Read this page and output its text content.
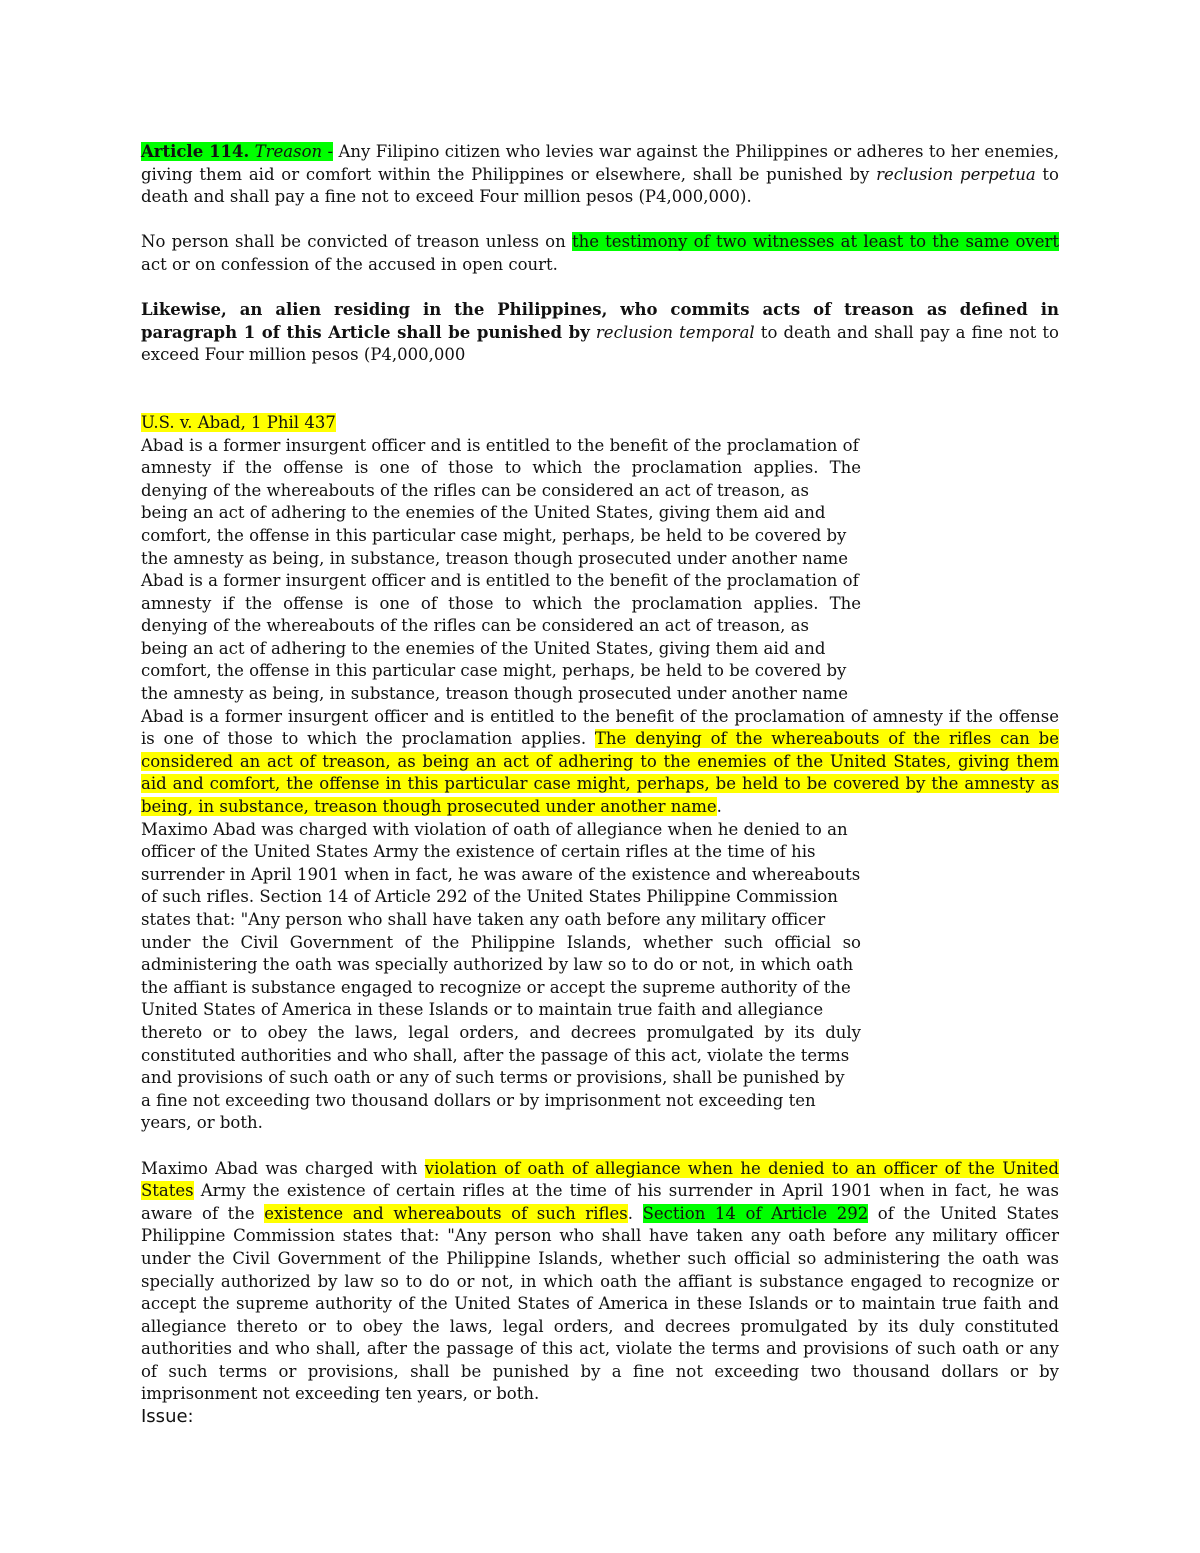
Article 114. Treason - Any Filipino citizen who levies war against the Philippines or adheres to her enemies, giving them aid or comfort within the Philippines or elsewhere, shall be punished by reclusion perpetua to death and shall pay a fine not to exceed Four million pesos (P4,000,000).

No person shall be convicted of treason unless on the testimony of two witnesses at least to the same overt act or on confession of the accused in open court.

Likewise, an alien residing in the Philippines, who commits acts of treason as defined in paragraph 1 of this Article shall be punished by reclusion temporal to death and shall pay a fine not to exceed Four million pesos (P4,000,000

U.S. v. Abad, 1 Phil 437

Abad is a former insurgent officer and is entitled to the benefit of the proclamation of
amnesty if the offense is one of those to which the proclamation applies. The
denying of the whereabouts of the rifles can be considered an act of treason, as
being an act of adhering to the enemies of the United States, giving them aid and
comfort, the offense in this particular case might, perhaps, be held to be covered by
the amnesty as being, in substance, treason though prosecuted under another name
Abad is a former insurgent officer and is entitled to the benefit of the proclamation of
amnesty if the offense is one of those to which the proclamation applies. The
denying of the whereabouts of the rifles can be considered an act of treason, as
being an act of adhering to the enemies of the United States, giving them aid and
comfort, the offense in this particular case might, perhaps, be held to be covered by
the amnesty as being, in substance, treason though prosecuted under another name

Abad is a former insurgent officer and is entitled to the benefit of the proclamation of amnesty if the offense is one of those to which the proclamation applies. The denying of the whereabouts of the rifles can be considered an act of treason, as being an act of adhering to the enemies of the United States, giving them aid and comfort, the offense in this particular case might, perhaps, be held to be covered by the amnesty as being, in substance, treason though prosecuted under another name.

Maximo Abad was charged with violation of oath of allegiance when he denied to an
officer of the United States Army the existence of certain rifles at the time of his
surrender in April 1901 when in fact, he was aware of the existence and whereabouts
of such rifles. Section 14 of Article 292 of the United States Philippine Commission
states that: "Any person who shall have taken any oath before any military officer
under the Civil Government of the Philippine Islands, whether such official so
administering the oath was specially authorized by law so to do or not, in which oath
the affiant is substance engaged to recognize or accept the supreme authority of the
United States of America in these Islands or to maintain true faith and allegiance
thereto or to obey the laws, legal orders, and decrees promulgated by its duly
constituted authorities and who shall, after the passage of this act, violate the terms
and provisions of such oath or any of such terms or provisions, shall be punished by
a fine not exceeding two thousand dollars or by imprisonment not exceeding ten
years, or both.

Maximo Abad was charged with violation of oath of allegiance when he denied to an officer of the United States Army the existence of certain rifles at the time of his surrender in April 1901 when in fact, he was aware of the existence and whereabouts of such rifles. Section 14 of Article 292 of the United States Philippine Commission states that: "Any person who shall have taken any oath before any military officer under the Civil Government of the Philippine Islands, whether such official so administering the oath was specially authorized by law so to do or not, in which oath the affiant is substance engaged to recognize or accept the supreme authority of the United States of America in these Islands or to maintain true faith and allegiance thereto or to obey the laws, legal orders, and decrees promulgated by its duly constituted authorities and who shall, after the passage of this act, violate the terms and provisions of such oath or any of such terms or provisions, shall be punished by a fine not exceeding two thousand dollars or by imprisonment not exceeding ten years, or both.

Issue:
